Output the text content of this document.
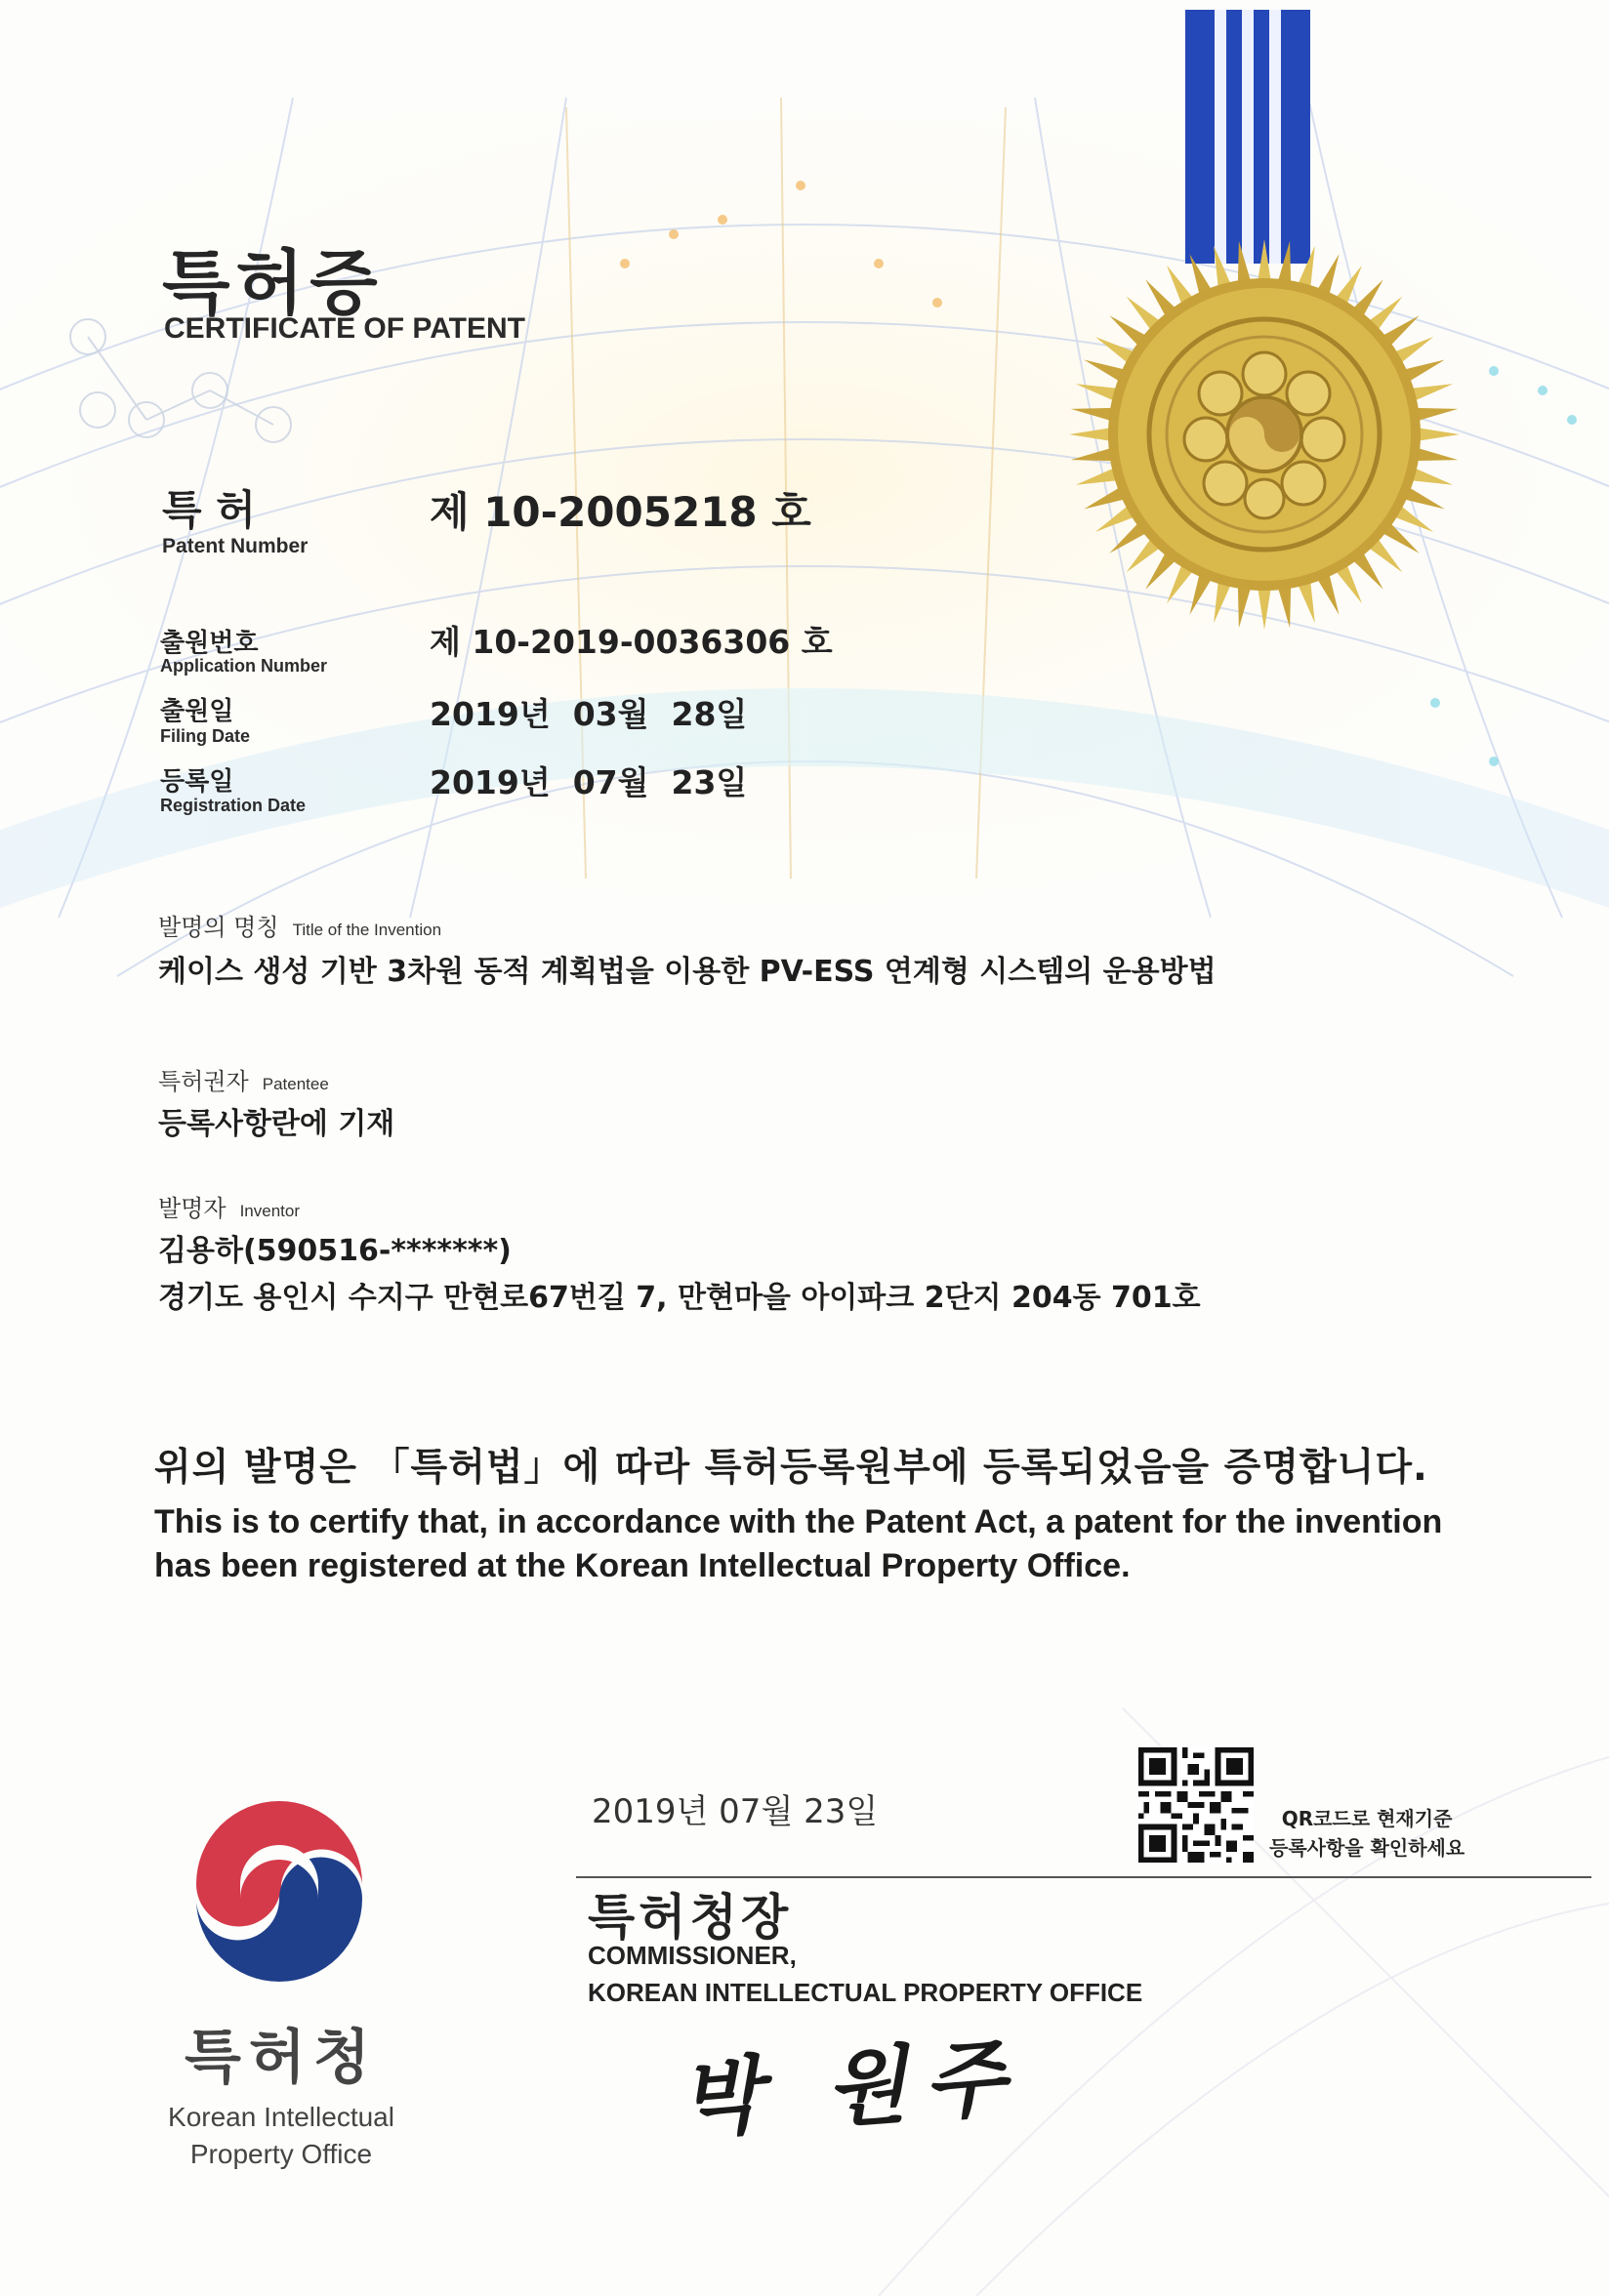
특허증
CERTIFICATE OF PATENT
특 허
Patent Number
제 10-2005218 호
출원번호
Application Number
제 10-2019-0036306 호
출원일
Filing Date
2019년  03월  28일
등록일
Registration Date
2019년  07월  23일
발명의 명칭 Title of the Invention
케이스 생성 기반 3차원 동적 계획법을 이용한 PV-ESS 연계형 시스템의 운용방법
특허권자 Patentee
등록사항란에 기재
발명자 Inventor
김용하(590516-*******)
경기도 용인시 수지구 만현로67번길 7, 만현마을 아이파크 2단지 204동 701호
위의 발명은 「특허법」에 따라 특허등록원부에 등록되었음을 증명합니다.
This is to certify that, in accordance with the Patent Act, a patent for the invention
has been registered at the Korean Intellectual Property Office.
2019년 07월 23일	QR코드로 현재기준
등록사항을 확인하세요
특허청장
COMMISSIONER,
KOREAN INTELLECTUAL PROPERTY OFFICE
박 원주
특허청
Korean Intellectual
Property Office
